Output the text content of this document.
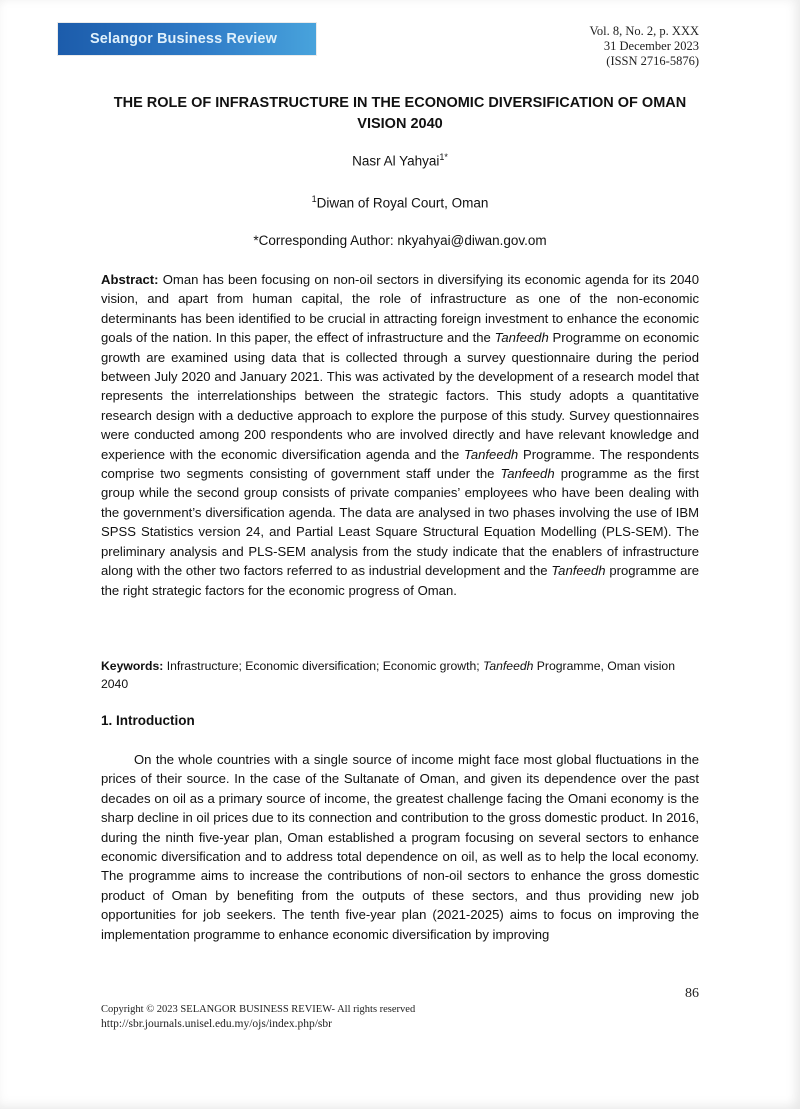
Selangor Business Review	Vol. 8, No. 2, p. XXX
31 December 2023
(ISSN 2716-5876)
THE ROLE OF INFRASTRUCTURE IN THE ECONOMIC DIVERSIFICATION OF OMAN VISION 2040
Nasr Al Yahyai$^{1*}$
$^1$Diwan of Royal Court, Oman
*Corresponding Author: nkyahyai@diwan.gov.om
Abstract: Oman has been focusing on non-oil sectors in diversifying its economic agenda for its 2040 vision, and apart from human capital, the role of infrastructure as one of the non-economic determinants has been identified to be crucial in attracting foreign investment to enhance the economic goals of the nation. In this paper, the effect of infrastructure and the Tanfeedh Programme on economic growth are examined using data that is collected through a survey questionnaire during the period between July 2020 and January 2021. This was activated by the development of a research model that represents the interrelationships between the strategic factors. This study adopts a quantitative research design with a deductive approach to explore the purpose of this study. Survey questionnaires were conducted among 200 respondents who are involved directly and have relevant knowledge and experience with the economic diversification agenda and the Tanfeedh Programme. The respondents comprise two segments consisting of government staff under the Tanfeedh programme as the first group while the second group consists of private companies’ employees who have been dealing with the government’s diversification agenda. The data are analysed in two phases involving the use of IBM SPSS Statistics version 24, and Partial Least Square Structural Equation Modelling (PLS-SEM). The preliminary analysis and PLS-SEM analysis from the study indicate that the enablers of infrastructure along with the other two factors referred to as industrial development and the Tanfeedh programme are the right strategic factors for the economic progress of Oman.
Keywords: Infrastructure; Economic diversification; Economic growth; Tanfeedh Programme, Oman vision 2040
1. Introduction
On the whole countries with a single source of income might face most global fluctuations in the prices of their source. In the case of the Sultanate of Oman, and given its dependence over the past decades on oil as a primary source of income, the greatest challenge facing the Omani economy is the sharp decline in oil prices due to its connection and contribution to the gross domestic product. In 2016, during the ninth five-year plan, Oman established a program focusing on several sectors to enhance economic diversification and to address total dependence on oil, as well as to help the local economy. The programme aims to increase the contributions of non-oil sectors to enhance the gross domestic product of Oman by benefiting from the outputs of these sectors, and thus providing new job opportunities for job seekers. The tenth five-year plan (2021-2025) aims to focus on improving the implementation programme to enhance economic diversification by improving
86
Copyright © 2023 SELANGOR BUSINESS REVIEW- All rights reserved
http://sbr.journals.unisel.edu.my/ojs/index.php/sbr
